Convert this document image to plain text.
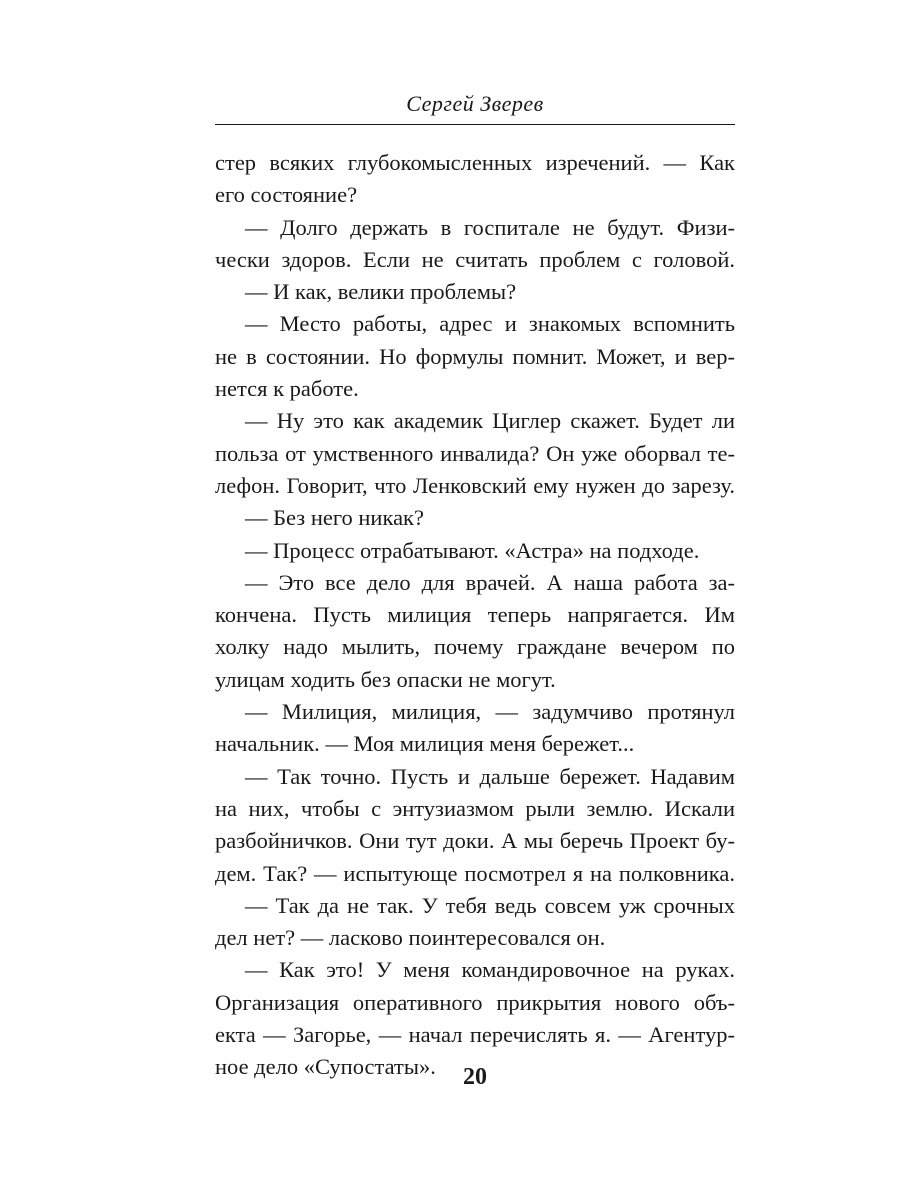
Сергей Зверев
стер всяких глубокомысленных изречений. — Как
его состояние?
— Долго держать в госпитале не будут. Физи-
чески здоров. Если не считать проблем с головой.
— И как, велики проблемы?
— Место работы, адрес и знакомых вспомнить
не в состоянии. Но формулы помнит. Может, и вер-
нется к работе.
— Ну это как академик Циглер скажет. Будет ли
польза от умственного инвалида? Он уже оборвал те-
лефон. Говорит, что Ленковский ему нужен до зарезу.
— Без него никак?
— Процесс отрабатывают. «Астра» на подходе.
— Это все дело для врачей. А наша работа за-
кончена. Пусть милиция теперь напрягается. Им
холку надо мылить, почему граждане вечером по
улицам ходить без опаски не могут.
— Милиция, милиция, — задумчиво протянул
начальник. — Моя милиция меня бережет...
— Так точно. Пусть и дальше бережет. Надавим
на них, чтобы с энтузиазмом рыли землю. Искали
разбойничков. Они тут доки. А мы беречь Проект бу-
дем. Так? — испытующе посмотрел я на полковника.
— Так да не так. У тебя ведь совсем уж срочных
дел нет? — ласково поинтересовался он.
— Как это! У меня командировочное на руках.
Организация оперативного прикрытия нового объ-
екта — Загорье, — начал перечислять я. — Агентур-
ное дело «Супостаты».	20
